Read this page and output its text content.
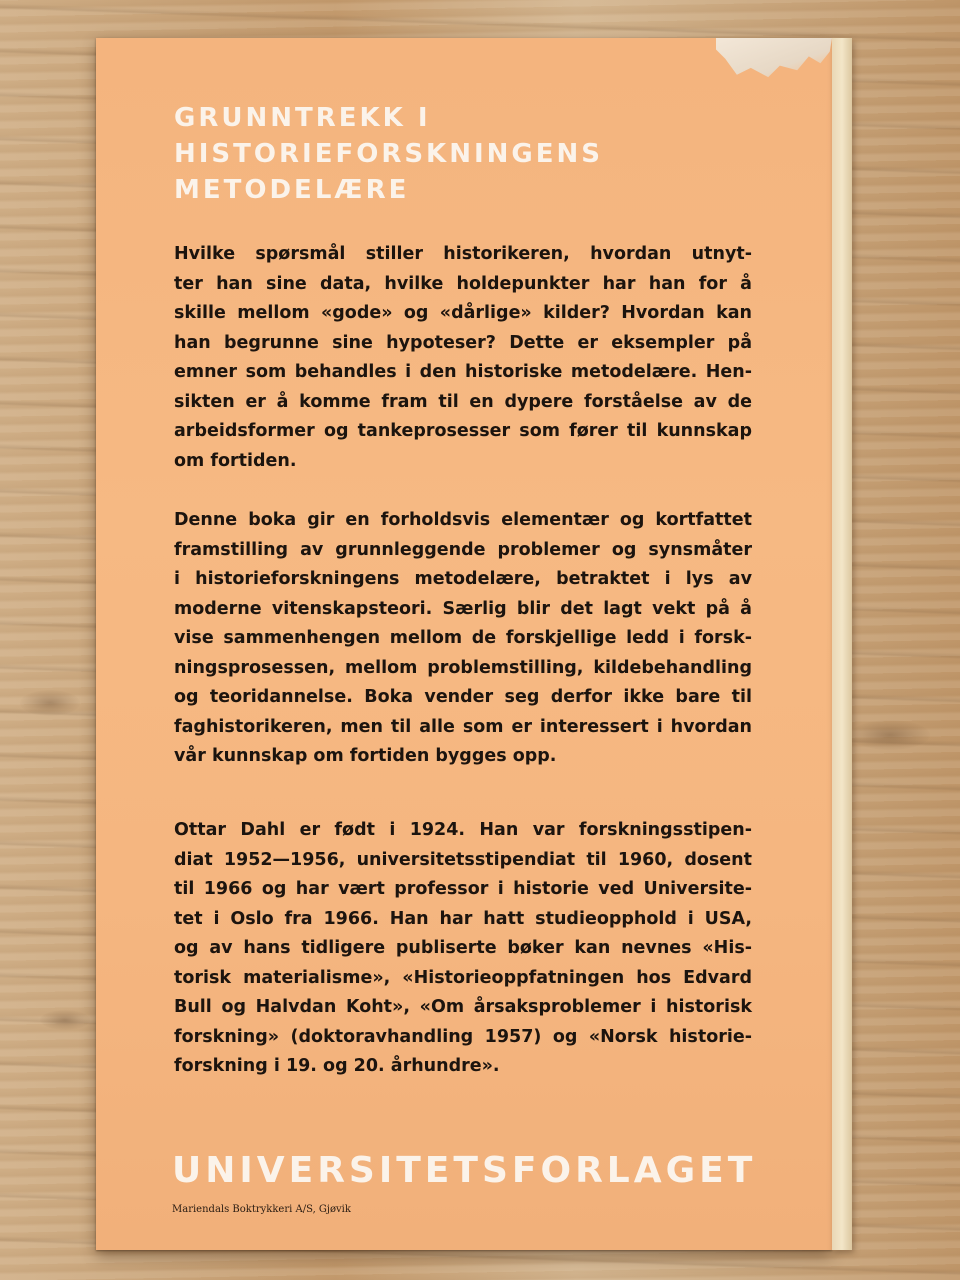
GRUNNTREKK I
HISTORIEFORSKNINGENS
METODELÆRE

Hvilke spørsmål stiller historikeren, hvordan utnyt-
ter han sine data, hvilke holdepunkter har han for å
skille mellom «gode» og «dårlige» kilder? Hvordan kan
han begrunne sine hypoteser? Dette er eksempler på
emner som behandles i den historiske metodelære. Hen-
sikten er å komme fram til en dypere forståelse av de
arbeidsformer og tankeprosesser som fører til kunnskap
om fortiden.

Denne boka gir en forholdsvis elementær og kortfattet
framstilling av grunnleggende problemer og synsmåter
i historieforskningens metodelære, betraktet i lys av
moderne vitenskapsteori. Særlig blir det lagt vekt på å
vise sammenhengen mellom de forskjellige ledd i forsk-
ningsprosessen, mellom problemstilling, kildebehandling
og teoridannelse. Boka vender seg derfor ikke bare til
faghistorikeren, men til alle som er interessert i hvordan
vår kunnskap om fortiden bygges opp.

Ottar Dahl er født i 1924. Han var forskningsstipen-
diat 1952—1956, universitetsstipendiat til 1960, dosent
til 1966 og har vært professor i historie ved Universite-
tet i Oslo fra 1966. Han har hatt studieopphold i USA,
og av hans tidligere publiserte bøker kan nevnes «His-
torisk materialisme», «Historieoppfatningen hos Edvard
Bull og Halvdan Koht», «Om årsaksproblemer i historisk
forskning» (doktoravhandling 1957) og «Norsk historie-
forskning i 19. og 20. århundre».

UNIVERSITETSFORLAGET
Mariendals Boktrykkeri A/S, Gjøvik
